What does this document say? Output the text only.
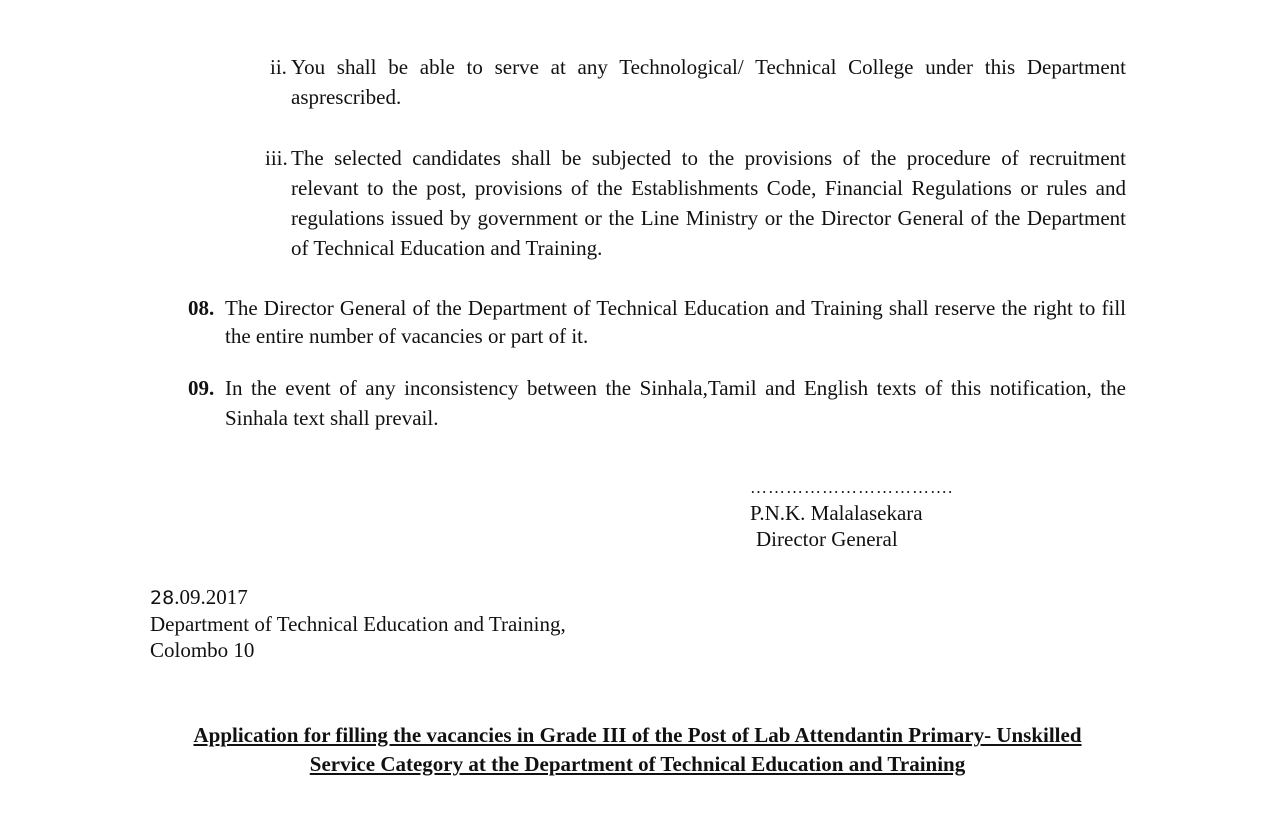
ii. You shall be able to serve at any Technological/ Technical College under this Department asprescribed.

iii. The selected candidates shall be subjected to the provisions of the procedure of recruitment relevant to the post, provisions of the Establishments Code, Financial Regulations or rules and regulations issued by government or the Line Ministry or the Director General of the Department of Technical Education and Training.

08. The Director General of the Department of Technical Education and Training shall reserve the right to fill the entire number of vacancies or part of it.

09. In the event of any inconsistency between the Sinhala,Tamil and English texts of this notification, the Sinhala text shall prevail.

…………………………….
P.N.K. Malalasekara
Director General
28.09.2017
Department of Technical Education and Training,
Colombo 10
Application for filling the vacancies in Grade III of the Post of Lab Attendantin Primary- Unskilled
Service Category at the Department of Technical Education and Training
